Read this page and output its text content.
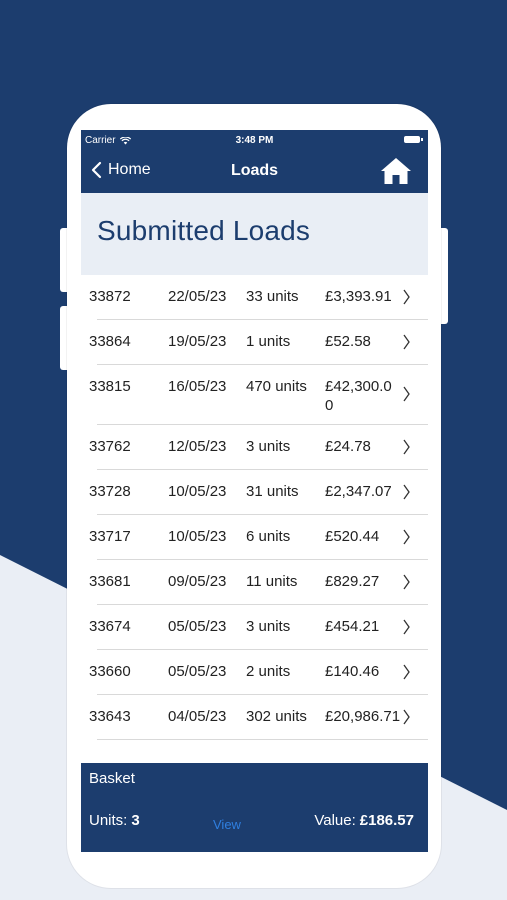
Carrier	3:48 PM
Home	Loads
Submitted Loads
33872 22/05/23 33 units £3,393.91
33864 19/05/23 1 units £52.58
33815 16/05/23 470 units £42,300.00
33762 12/05/23 3 units £24.78
33728 10/05/23 31 units £2,347.07
33717 10/05/23 6 units £520.44
33681 09/05/23 11 units £829.27
33674 05/05/23 3 units £454.21
33660 05/05/23 2 units £140.46
33643 04/05/23 302 units £20,986.71
Basket
Units: 3	View	Value: £186.57
